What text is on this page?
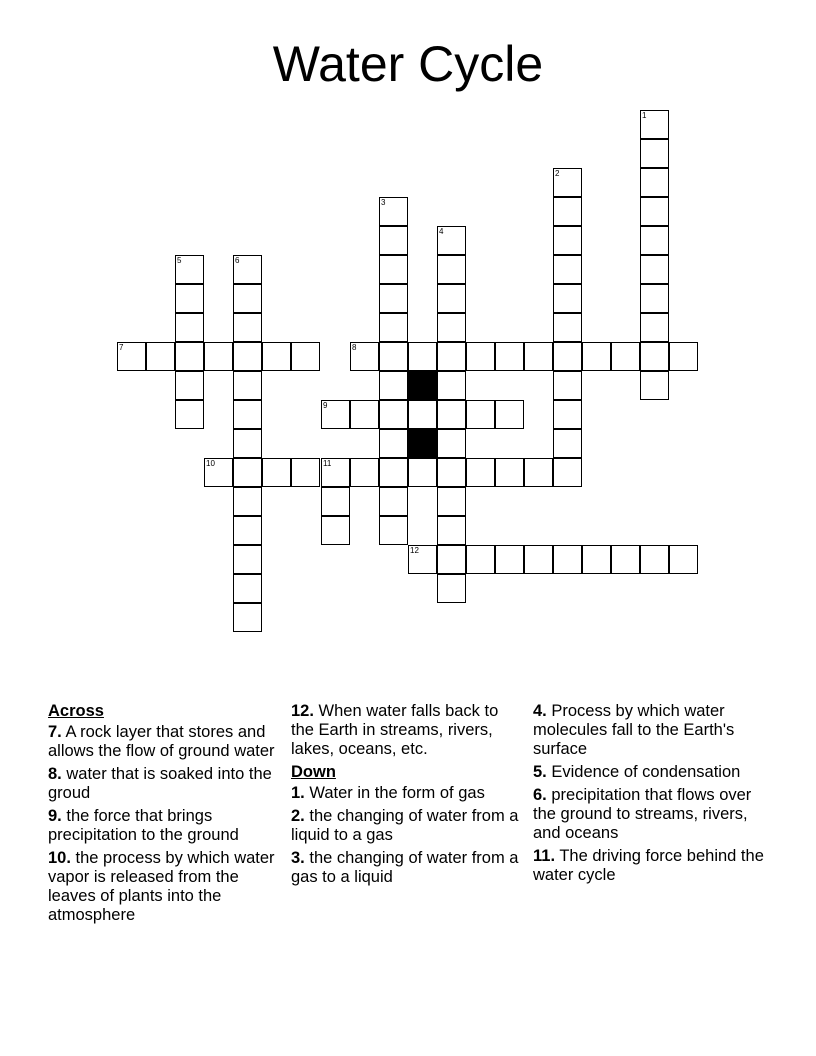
Water Cycle
1
2
3
4
5	6
7	8
9
10	11
12
Across
7. A rock layer that stores and allows the flow of ground water
8. water that is soaked into the groud
9. the force that brings precipitation to the ground
10. the process by which water vapor is released from the leaves of plants into the atmosphere
12. When water falls back to the Earth in streams, rivers, lakes, oceans, etc.
Down
1. Water in the form of gas
2. the changing of water from a liquid to a gas
3. the changing of water from a gas to a liquid
4. Process by which water molecules fall to the Earth's surface
5. Evidence of condensation
6. precipitation that flows over the ground to streams, rivers, and oceans
11. The driving force behind the water cycle
